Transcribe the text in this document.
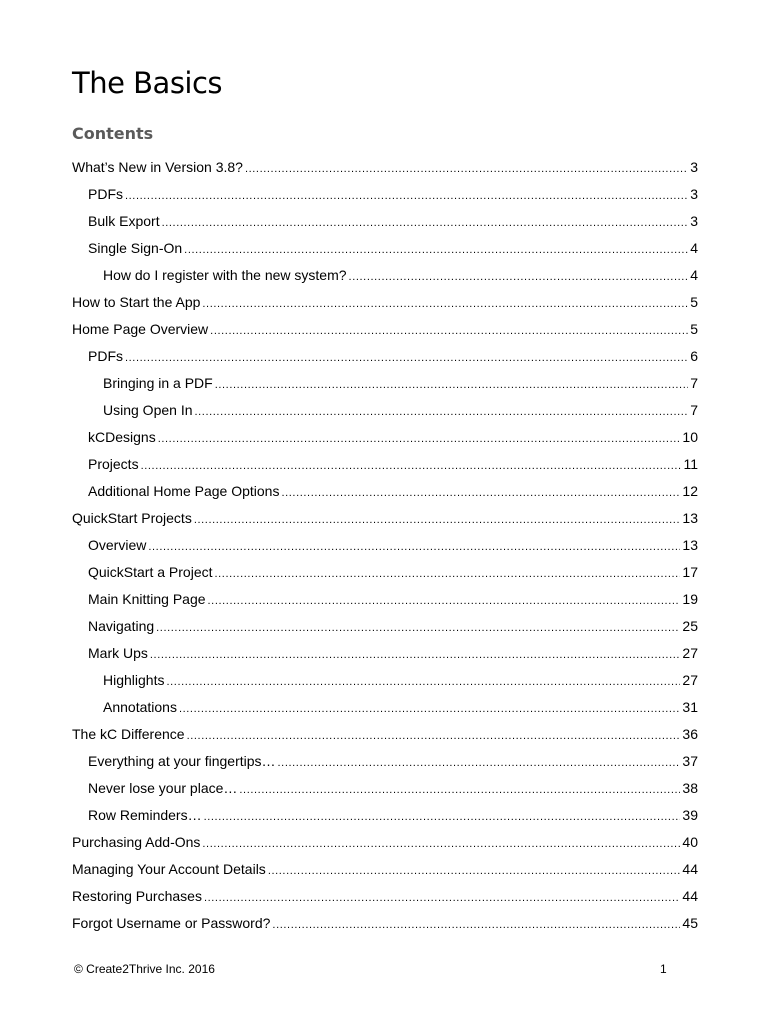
The Basics
Contents
What’s New in Version 3.8? .....	3
PDFs .....	3
Bulk Export .....	3
Single Sign-On .....	4
How do I register with the new system? .....	4
How to Start the App .....	5
Home Page Overview .....	5
PDFs .....	6
Bringing in a PDF .....	7
Using Open In .....	7
kCDesigns .....	10
Projects .....	11
Additional Home Page Options .....	12
QuickStart Projects .....	13
Overview .....	13
QuickStart a Project .....	17
Main Knitting Page .....	19
Navigating .....	25
Mark Ups .....	27
Highlights .....	27
Annotations .....	31
The kC Difference .....	36
Everything at your fingertips… .....	37
Never lose your place… .....	38
Row Reminders… .....	39
Purchasing Add-Ons .....	40
Managing Your Account Details .....	44
Restoring Purchases .....	44
Forgot Username or Password? .....	45

© Create2Thrive Inc. 2016	1
